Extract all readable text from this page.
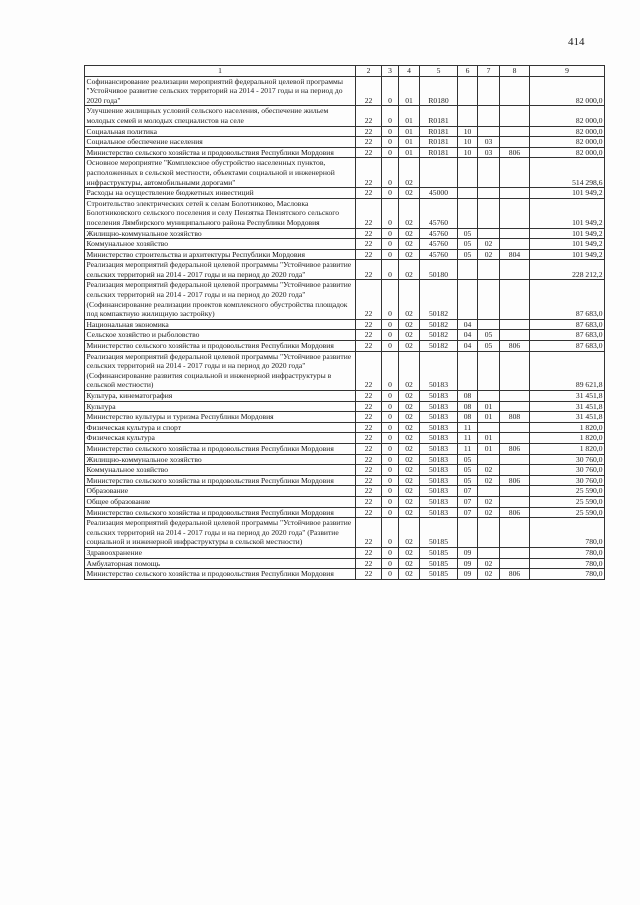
414
1	2	3	4	5	6	7	8	9
Софинансирование реализации мероприятий федеральной целевой программы "Устойчивое развитие сельских территорий на 2014 - 2017 годы и на период до 2020 года"	22	0	01	R0180				82 000,0
Улучшение жилищных условий сельского населения, обеспечение жильем молодых семей и молодых специалистов на селе	22	0	01	R0181				82 000,0
Социальная политика	22	0	01	R0181	10			82 000,0
Социальное обеспечение населения	22	0	01	R0181	10	03		82 000,0
Министерство сельского хозяйства и продовольствия Республики Мордовия	22	0	01	R0181	10	03	806	82 000,0
Основное мероприятие "Комплексное обустройство населенных пунктов, расположенных в сельской местности, объектами социальной и инженерной инфраструктуры, автомобильными дорогами"	22	0	02					514 298,6
Расходы на осуществление бюджетных инвестиций	22	0	02	45000				101 949,2
Строительство электрических сетей к селам Болотниково, Масловка Болотниковского сельского поселения и селу Пензятка Пензятского сельского поселения Лямбирского муниципального района Республики Мордовия	22	0	02	45760				101 949,2
Жилищно-коммунальное хозяйство	22	0	02	45760	05			101 949,2
Коммунальное хозяйство	22	0	02	45760	05	02		101 949,2
Министерство строительства и архитектуры Республики Мордовия	22	0	02	45760	05	02	804	101 949,2
Реализация мероприятий федеральной целевой программы "Устойчивое развитие сельских территорий на 2014 - 2017 годы и на период до 2020 года"	22	0	02	50180				228 212,2
Реализация мероприятий федеральной целевой программы "Устойчивое развитие сельских территорий на 2014 - 2017 годы и на период до 2020 года" (Софинансирование реализации проектов комплексного обустройства площадок под компактную жилищную застройку)	22	0	02	50182				87 683,0
Национальная экономика	22	0	02	50182	04			87 683,0
Сельское хозяйство и рыболовство	22	0	02	50182	04	05		87 683,0
Министерство сельского хозяйства и продовольствия Республики Мордовия	22	0	02	50182	04	05	806	87 683,0
Реализация мероприятий федеральной целевой программы "Устойчивое развитие сельских территорий на 2014 - 2017 годы и на период до 2020 года" (Софинансирование развития социальной и инженерной инфраструктуры в сельской местности)	22	0	02	50183				89 621,8
Культура, кинематография	22	0	02	50183	08			31 451,8
Культура	22	0	02	50183	08	01		31 451,8
Министерство культуры и туризма Республики Мордовия	22	0	02	50183	08	01	808	31 451,8
Физическая культура и спорт	22	0	02	50183	11			1 820,0
Физическая культура	22	0	02	50183	11	01		1 820,0
Министерство сельского хозяйства и продовольствия Республики Мордовия	22	0	02	50183	11	01	806	1 820,0
Жилищно-коммунальное хозяйство	22	0	02	50183	05			30 760,0
Коммунальное хозяйство	22	0	02	50183	05	02		30 760,0
Министерство сельского хозяйства и продовольствия Республики Мордовия	22	0	02	50183	05	02	806	30 760,0
Образование	22	0	02	50183	07			25 590,0
Общее образование	22	0	02	50183	07	02		25 590,0
Министерство сельского хозяйства и продовольствия Республики Мордовия	22	0	02	50183	07	02	806	25 590,0
Реализация мероприятий федеральной целевой программы "Устойчивое развитие сельских территорий на 2014 - 2017 годы и на период до 2020 года" (Развитие социальной и инженерной инфраструктуры в сельской местности)	22	0	02	50185				780,0
Здравоохранение	22	0	02	50185	09			780,0
Амбулаторная помощь	22	0	02	50185	09	02		780,0
Министерство сельского хозяйства и продовольствия Республики Мордовия	22	0	02	50185	09	02	806	780,0
